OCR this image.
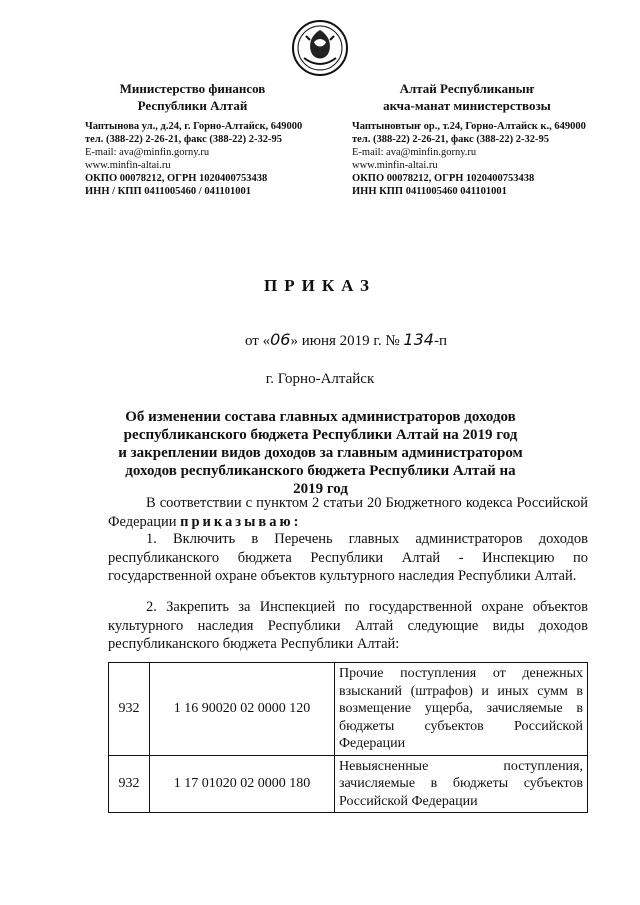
Министерство финансов
Республики Алтай
Чаптынова ул., д.24, г. Горно-Алтайск, 649000
тел. (388-22) 2-26-21, факс (388-22) 2-32-95
E-mail: ava@minfin.gorny.ru
www.minfin-altai.ru
ОКПО 00078212, ОГРН 1020400753438
ИНН / КПП 0411005460 / 041101001
Алтай Республиканыҥ
акча-манат министерствозы
Чаптыновтыҥ ор., т.24, Горно-Алтайск к., 649000
тел. (388-22) 2-26-21, факс (388-22) 2-32-95
E-mail: ava@minfin.gorny.ru
www.minfin-altai.ru
ОКПО 00078212, ОГРН 1020400753438
ИНН КПП 0411005460 041101001
ПРИКАЗ
от «06» июня 2019 г. № 134-п
г. Горно-Алтайск
Об изменении состава главных администраторов доходов республиканского бюджета Республики Алтай на 2019 год и закреплении видов доходов за главным администратором доходов республиканского бюджета Республики Алтай на 2019 год
В соответствии с пунктом 2 статьи 20 Бюджетного кодекса Российской Федерации приказываю:
1. Включить в Перечень главных администраторов доходов республиканского бюджета Республики Алтай - Инспекцию по государственной охране объектов культурного наследия Республики Алтай.
2. Закрепить за Инспекцией по государственной охране объектов культурного наследия Республики Алтай следующие виды доходов республиканского бюджета Республики Алтай:
932	1 16 90020 02 0000 120	Прочие поступления от денежных взысканий (штрафов) и иных сумм в возмещение ущерба, зачисляемые в бюджеты субъектов Российской Федерации
932	1 17 01020 02 0000 180	Невыясненные поступления, зачисляемые в бюджеты субъектов Российской Федерации
